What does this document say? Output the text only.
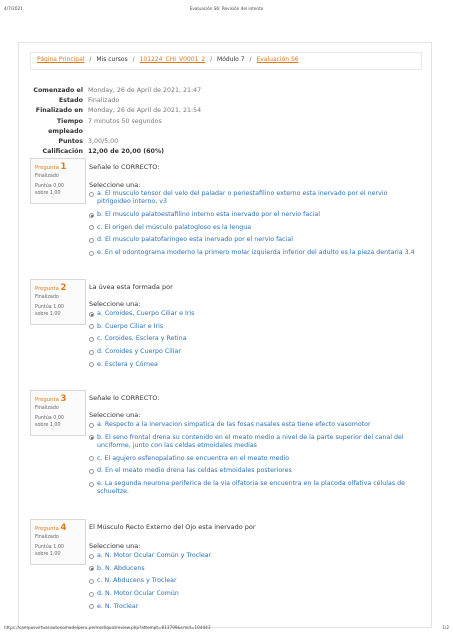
4/7/2021	Evaluación S6: Revisión del intento
Página Principal / Mis cursos / 101224_CHI_V0001_2 / Módulo 7 / Evaluación S6
Comenzado el Monday, 26 de April de 2021, 21:47
Estado Finalizado
Finalizado en Monday, 26 de April de 2021, 21:54
Tiempo
empleado
7 minutos 50 segundos
Puntos 3,00/5,00
Calificación 12,00 de 20,00 (60%)
Pregunta 1
Finalizado
Puntúa 0,00
sobre 1,00
Señale lo CORRECTO:
Seleccione una:
a. El musculo tensor del velo del paladar o periestafilino externo esta inervado por el nervio pitrigoideo interno, v3
b. El musculo palatoestafilino interno esta inervado por el nervio facial
c. El origen del músculo palatogloso es la lengua
d. El musculo palatofaringeo esta inervado por el nervio facial
e. En el odontograma moderno la primero molar izquierda inferior del adulto es la pieza dentaria 3.4
Pregunta 2
Finalizado
Puntúa 1,00
sobre 1,00
La úvea esta formada por
Seleccione una:
a. Coroides, Cuerpo Ciliar e Iris
b. Cuerpo Ciliar e Iris
c. Coroides, Esclera y Retina
d. Coroides y Cuerpo Ciliar
e. Esclera y Córnea
Pregunta 3
Finalizado
Puntúa 0,00
sobre 1,00
Señale lo CORRECTO:
Seleccione una:
a. Respecto a la inervacion simpatica de las fosas nasales esta tiene efecto vasomotor
b. El seno frontal drena su contenido en el meato medio a nivel de la parte superior del canal del unciforme, junto con las celdas etmoidales medias
c. El agujero esfenopalatino se encuentra en el meato medio
d. En el meato medio drena las celdas etmoidales posteriores
e. La segunda neurona periferica de la via olfatoria se encuentra en la placoda olfativa células de schueltze.
Pregunta 4
Finalizado
Puntúa 1,00
sobre 1,00
El Músculo Recto Externo del Ojo esta inervado por
Seleccione una:
a. N. Motor Ocular Común y Troclear
b. N. Abducens
c. N. Abducens y Troclear
d. N. Motor Ocular Común
e. N. Troclear
https://campusvirtual.autonomadelperu.pe/mod/quiz/review.php?attempt=813799&cmid=104443	1/2
